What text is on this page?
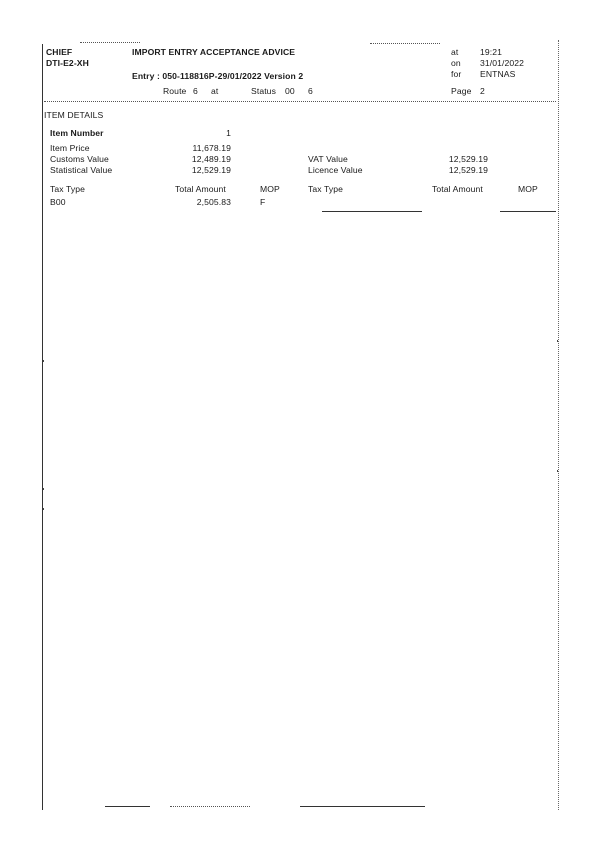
CHIEF
DTI-E2-XH
IMPORT ENTRY ACCEPTANCE ADVICE
Entry : 050-118816P-29/01/2022 Version 2
Route 6 at	Status 00 6
at	19:21
on 31/01/2022
for ENTNAS
Page 2
ITEM DETAILS
Item Number	1
Item Price	11,678.19
Customs Value	12,489.19
Statistical Value	12,529.19
VAT Value	12,529.19
Licence Value	12,529.19
Tax Type	Total Amount	MOP	Tax Type	Total Amount	MOP
B00	2,505.83	F
